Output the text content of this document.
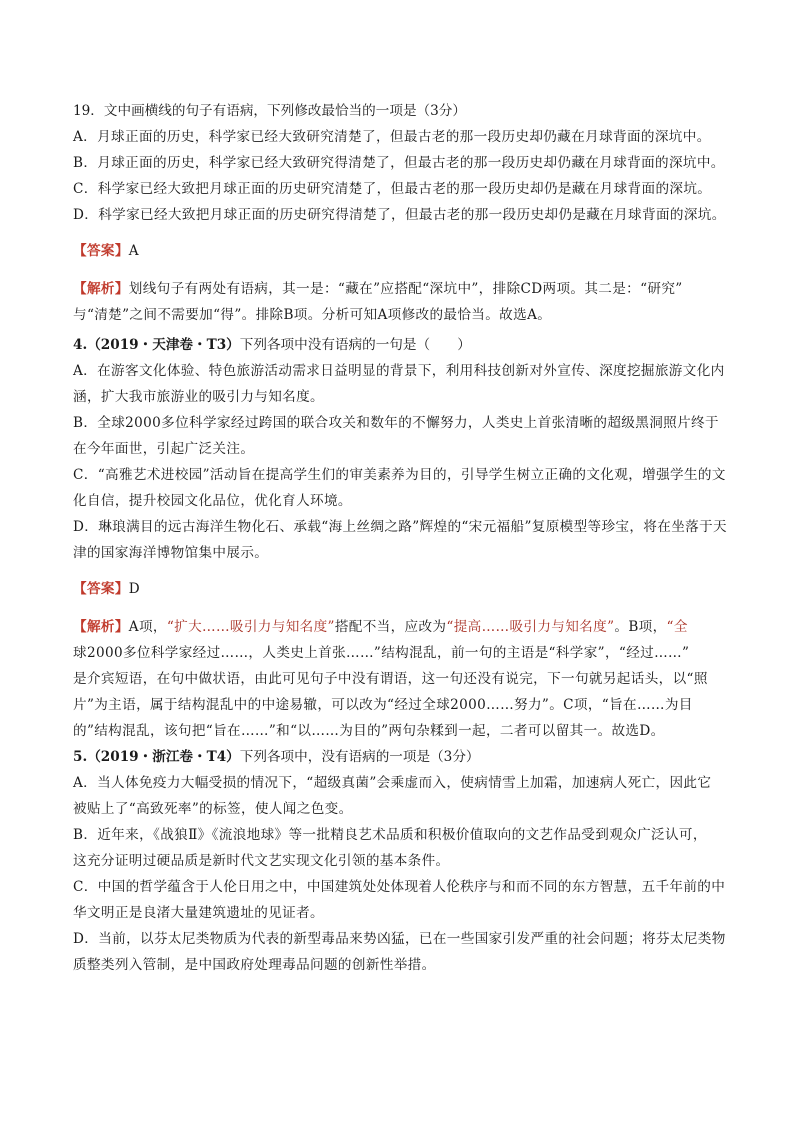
19．文中画横线的句子有语病，下列修改最恰当的一项是（3分）
A．月球正面的历史，科学家已经大致研究清楚了，但最古老的那一段历史却仍藏在月球背面的深坑中。
B．月球正面的历史，科学家已经大致研究得清楚了，但最古老的那一段历史却仍藏在月球背面的深坑中。
C．科学家已经大致把月球正面的历史研究清楚了，但最古老的那一段历史却仍是藏在月球背面的深坑。
D．科学家已经大致把月球正面的历史研究得清楚了，但最古老的那一段历史却仍是藏在月球背面的深坑。
【答案】A
【解析】划线句子有两处有语病，其一是：“藏在”应搭配“深坑中”，排除CD两项。其二是：“研究”
与“清楚”之间不需要加“得”。排除B项。分析可知A项修改的最恰当。故选A。
4.（2019・天津卷・T3）下列各项中没有语病的一句是（　　）
A．在游客文化体验、特色旅游活动需求日益明显的背景下，利用科技创新对外宣传、深度挖掘旅游文化内
涵，扩大我市旅游业的吸引力与知名度。
B．全球2000多位科学家经过跨国的联合攻关和数年的不懈努力，人类史上首张清晰的超级黑洞照片终于
在今年面世，引起广泛关注。
C．“高雅艺术进校园”活动旨在提高学生们的审美素养为目的，引导学生树立正确的文化观，增强学生的文
化自信，提升校园文化品位，优化育人环境。
D．琳琅满目的远古海洋生物化石、承载“海上丝绸之路”辉煌的“宋元福船”复原模型等珍宝，将在坐落于天
津的国家海洋博物馆集中展示。
【答案】D
【解析】A项，“扩大……吸引力与知名度”搭配不当，应改为“提高……吸引力与知名度”。B项，“全
球2000多位科学家经过……，人类史上首张……”结构混乱，前一句的主语是“科学家”，“经过……”
是介宾短语，在句中做状语，由此可见句子中没有谓语，这一句还没有说完，下一句就另起话头，以“照
片”为主语，属于结构混乱中的中途易辙，可以改为“经过全球2000……努力”。C项，“旨在……为目
的”结构混乱，该句把“旨在……”和“以……为目的”两句杂糅到一起，二者可以留其一。故选D。
5.（2019・浙江卷・T4）下列各项中，没有语病的一项是（3分）
A．当人体免疫力大幅受损的情况下，“超级真菌”会乘虚而入，使病情雪上加霜，加速病人死亡，因此它
被贴上了“高致死率”的标签，使人闻之色变。
B．近年来，《战狼Ⅱ》《流浪地球》等一批精良艺术品质和积极价值取向的文艺作品受到观众广泛认可，
这充分证明过硬品质是新时代文艺实现文化引领的基本条件。
C．中国的哲学蕴含于人伦日用之中，中国建筑处处体现着人伦秩序与和而不同的东方智慧，五千年前的中
华文明正是良渚大量建筑遗址的见证者。
D．当前，以芬太尼类物质为代表的新型毒品来势凶猛，已在一些国家引发严重的社会问题；将芬太尼类物
质整类列入管制，是中国政府处理毒品问题的创新性举措。
